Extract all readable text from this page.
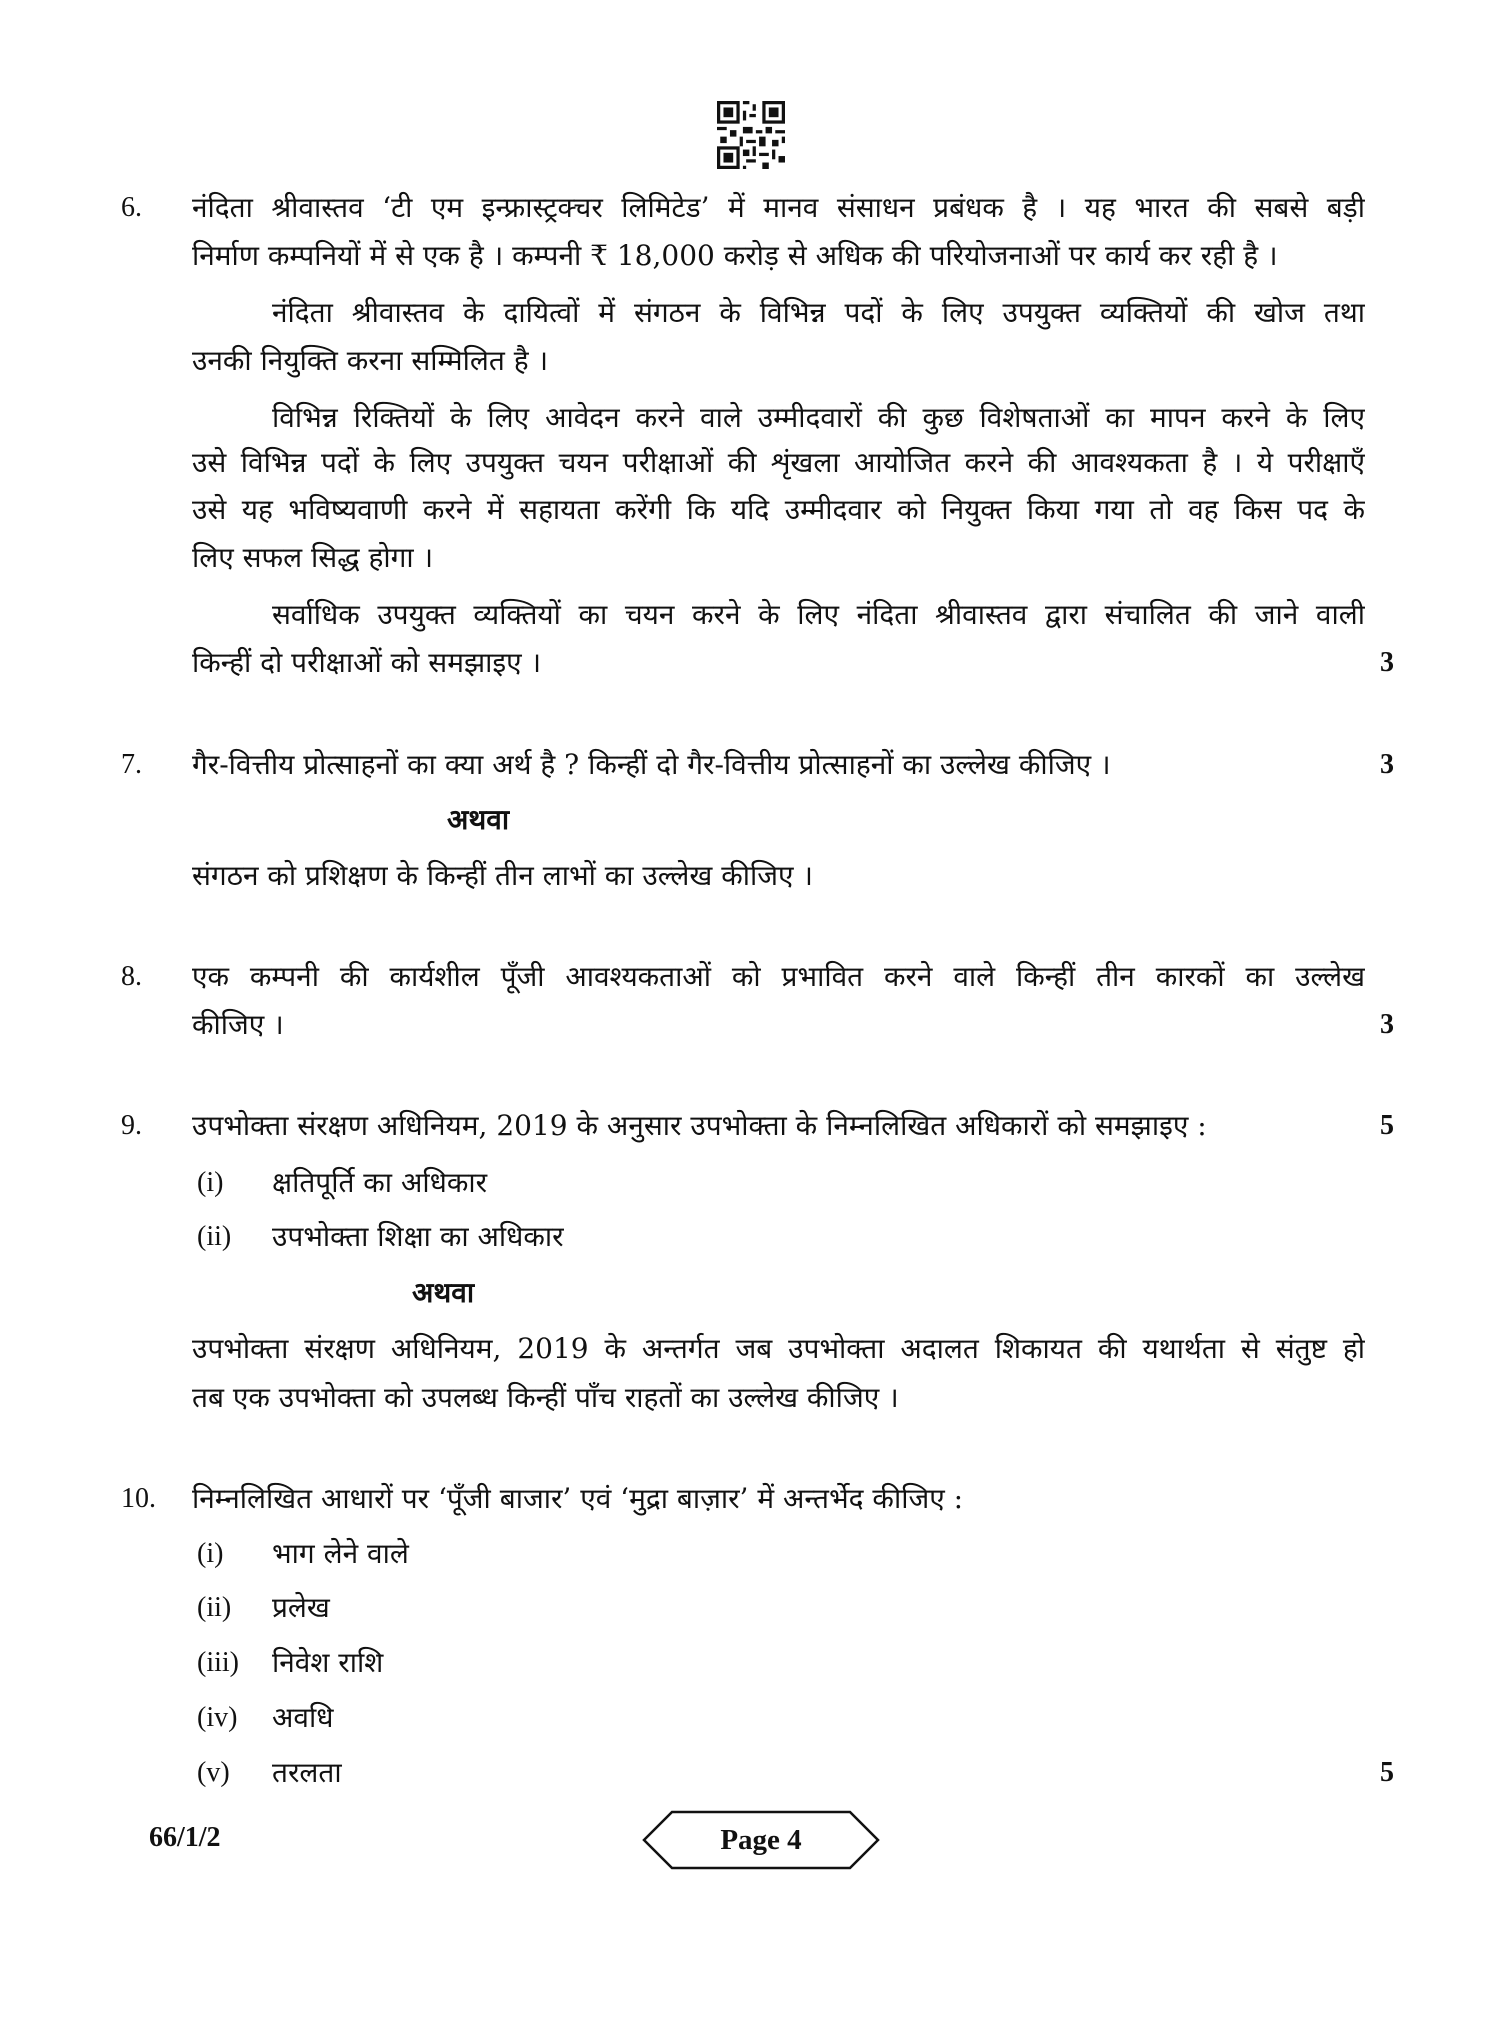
6. नंदिता श्रीवास्तव ‘टी एम इन्फ्रास्ट्रक्चर लिमिटेड’ में मानव संसाधन प्रबंधक है । यह भारत की सबसे बड़ी
निर्माण कम्पनियों में से एक है । कम्पनी ₹ 18,000 करोड़ से अधिक की परियोजनाओं पर कार्य कर रही है ।
नंदिता श्रीवास्तव के दायित्वों में संगठन के विभिन्न पदों के लिए उपयुक्त व्यक्तियों की खोज तथा
उनकी नियुक्ति करना सम्मिलित है ।
विभिन्न रिक्तियों के लिए आवेदन करने वाले उम्मीदवारों की कुछ विशेषताओं का मापन करने के लिए
उसे विभिन्न पदों के लिए उपयुक्त चयन परीक्षाओं की शृंखला आयोजित करने की आवश्यकता है । ये परीक्षाएँ
उसे यह भविष्यवाणी करने में सहायता करेंगी कि यदि उम्मीदवार को नियुक्त किया गया तो वह किस पद के
लिए सफल सिद्ध होगा ।
सर्वाधिक उपयुक्त व्यक्तियों का चयन करने के लिए नंदिता श्रीवास्तव द्वारा संचालित की जाने वाली
किन्हीं दो परीक्षाओं को समझाइए ।	3
7. गैर-वित्तीय प्रोत्साहनों का क्या अर्थ है ? किन्हीं दो गैर-वित्तीय प्रोत्साहनों का उल्लेख कीजिए ।	3
अथवा
संगठन को प्रशिक्षण के किन्हीं तीन लाभों का उल्लेख कीजिए ।
8. एक कम्पनी की कार्यशील पूँजी आवश्यकताओं को प्रभावित करने वाले किन्हीं तीन कारकों का उल्लेख
कीजिए ।	3
9. उपभोक्ता संरक्षण अधिनियम, 2019 के अनुसार उपभोक्ता के निम्नलिखित अधिकारों को समझाइए :	5
(i) क्षतिपूर्ति का अधिकार
(ii) उपभोक्ता शिक्षा का अधिकार
अथवा
उपभोक्ता संरक्षण अधिनियम, 2019 के अन्तर्गत जब उपभोक्ता अदालत शिकायत की यथार्थता से संतुष्ट हो
तब एक उपभोक्ता को उपलब्ध किन्हीं पाँच राहतों का उल्लेख कीजिए ।
10. निम्नलिखित आधारों पर ‘पूँजी बाजार’ एवं ‘मुद्रा बाज़ार’ में अन्तर्भेद कीजिए :
(i) भाग लेने वाले
(ii) प्रलेख
(iii) निवेश राशि
(iv) अवधि
(v) तरलता	5
66/1/2	Page 4
